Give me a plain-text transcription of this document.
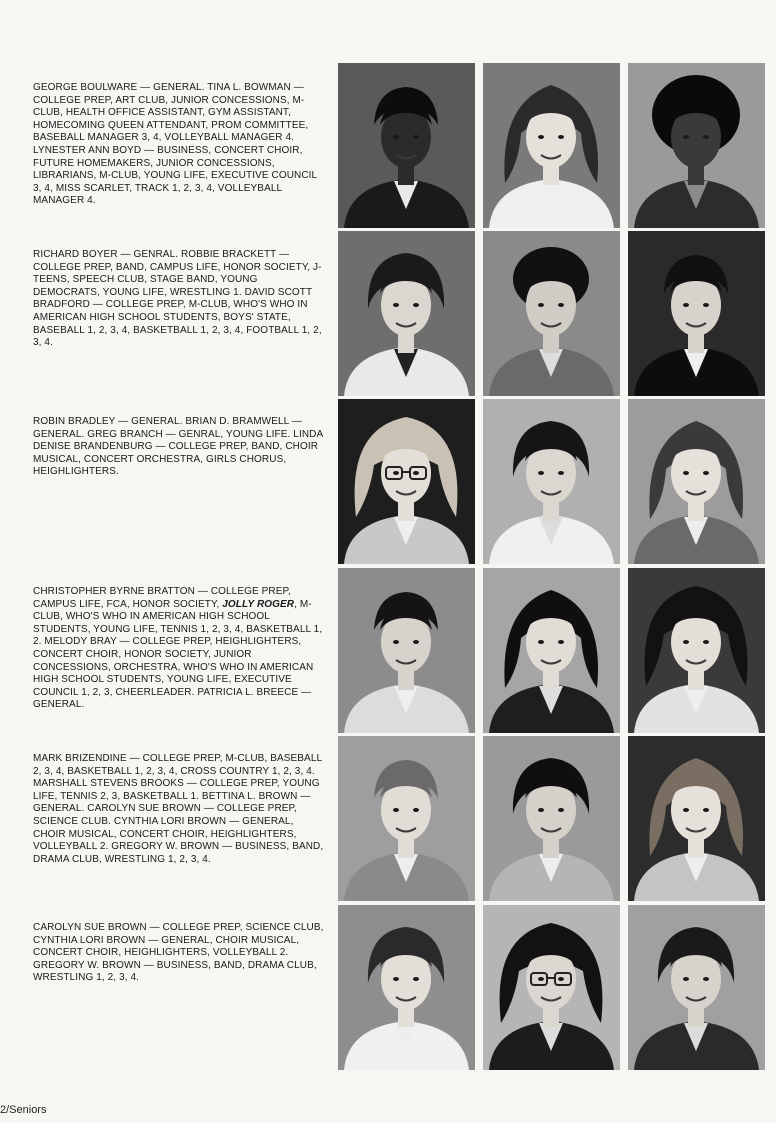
GEORGE BOULWARE — GENERAL. TINA L. BOWMAN — COLLEGE PREP, ART CLUB, JUNIOR CONCESSIONS, M-CLUB, HEALTH OFFICE ASSISTANT, GYM ASSISTANT, HOMECOMING QUEEN ATTENDANT, PROM COMMITTEE, BASEBALL MANAGER 3, 4, VOLLEYBALL MANAGER 4. LYNESTER ANN BOYD — BUSINESS, CONCERT CHOIR, FUTURE HOMEMAKERS, JUNIOR CONCESSIONS, LIBRARIANS, M-CLUB, YOUNG LIFE, EXECUTIVE COUNCIL 3, 4, MISS SCARLET, TRACK 1, 2, 3, 4, VOLLEYBALL MANAGER 4.
RICHARD BOYER — GENRAL. ROBBIE BRACKETT — COLLEGE PREP, BAND, CAMPUS LIFE, HONOR SOCIETY, J-TEENS, SPEECH CLUB, STAGE BAND, YOUNG DEMOCRATS, YOUNG LIFE, WRESTLING 1. DAVID SCOTT BRADFORD — COLLEGE PREP, M-CLUB, WHO'S WHO IN AMERICAN HIGH SCHOOL STUDENTS, BOYS' STATE, BASEBALL 1, 2, 3, 4, BASKETBALL 1, 2, 3, 4, FOOTBALL 1, 2, 3, 4.
ROBIN BRADLEY — GENERAL. BRIAN D. BRAMWELL — GENERAL. GREG BRANCH — GENRAL, YOUNG LIFE. LINDA DENISE BRANDENBURG — COLLEGE PREP, BAND, CHOIR MUSICAL, CONCERT ORCHESTRA, GIRLS CHORUS, HEIGHLIGHTERS.
CHRISTOPHER BYRNE BRATTON — COLLEGE PREP, CAMPUS LIFE, FCA, HONOR SOCIETY, JOLLY ROGER, M-CLUB, WHO'S WHO IN AMERICAN HIGH SCHOOL STUDENTS, YOUNG LIFE, TENNIS 1, 2, 3, 4, BASKETBALL 1, 2. MELODY BRAY — COLLEGE PREP, HEIGHLIGHTERS, CONCERT CHOIR, HONOR SOCIETY, JUNIOR CONCESSIONS, ORCHESTRA, WHO'S WHO IN AMERICAN HIGH SCHOOL STUDENTS, YOUNG LIFE, EXECUTIVE COUNCIL 1, 2, 3, CHEERLEADER. PATRICIA L. BREECE — GENERAL.
MARK BRIZENDINE — COLLEGE PREP, M-CLUB, BASEBALL 2, 3, 4, BASKETBALL 1, 2, 3, 4, CROSS COUNTRY 1, 2, 3, 4. MARSHALL STEVENS BROOKS — COLLEGE PREP, YOUNG LIFE, TENNIS 2, 3, BASKETBALL 1. BETTINA L. BROWN — GENERAL. CAROLYN SUE BROWN — COLLEGE PREP, SCIENCE CLUB. CYNTHIA LORI BROWN — GENERAL, CHOIR MUSICAL, CONCERT CHOIR, HEIGHLIGHTERS, VOLLEYBALL 2. GREGORY W. BROWN — BUSINESS, BAND, DRAMA CLUB, WRESTLING 1, 2, 3, 4.
CAROLYN SUE BROWN — COLLEGE PREP, SCIENCE CLUB, CYNTHIA LORI BROWN — GENERAL, CHOIR MUSICAL, CONCERT CHOIR, HEIGHLIGHTERS, VOLLEYBALL 2. GREGORY W. BROWN — BUSINESS, BAND, DRAMA CLUB, WRESTLING 1, 2, 3, 4.
2/Seniors
